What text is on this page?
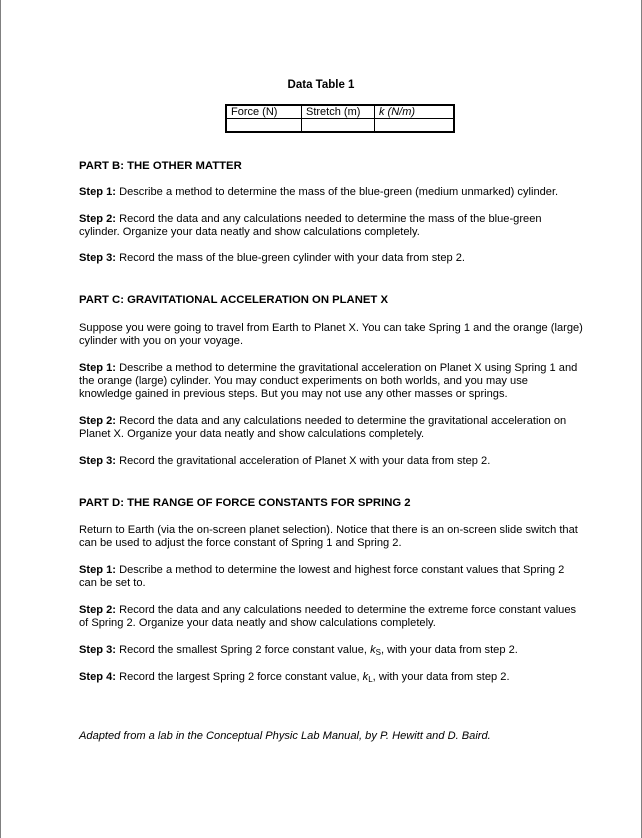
Data Table 1
Force (N)	Stretch (m)	k (N/m)

PART B: THE OTHER MATTER

Step 1: Describe a method to determine the mass of the blue-green (medium unmarked) cylinder.

Step 2: Record the data and any calculations needed to determine the mass of the blue-green cylinder. Organize your data neatly and show calculations completely.

Step 3: Record the mass of the blue-green cylinder with your data from step 2.

PART C: GRAVITATIONAL ACCELERATION ON PLANET X

Suppose you were going to travel from Earth to Planet X. You can take Spring 1 and the orange (large) cylinder with you on your voyage.

Step 1: Describe a method to determine the gravitational acceleration on Planet X using Spring 1 and the orange (large) cylinder. You may conduct experiments on both worlds, and you may use knowledge gained in previous steps. But you may not use any other masses or springs.

Step 2: Record the data and any calculations needed to determine the gravitational acceleration on Planet X. Organize your data neatly and show calculations completely.

Step 3: Record the gravitational acceleration of Planet X with your data from step 2.

PART D: THE RANGE OF FORCE CONSTANTS FOR SPRING 2

Return to Earth (via the on-screen planet selection). Notice that there is an on-screen slide switch that can be used to adjust the force constant of Spring 1 and Spring 2.

Step 1: Describe a method to determine the lowest and highest force constant values that Spring 2 can be set to.

Step 2: Record the data and any calculations needed to determine the extreme force constant values of Spring 2. Organize your data neatly and show calculations completely.

Step 3: Record the smallest Spring 2 force constant value, $k_S$, with your data from step 2.

Step 4: Record the largest Spring 2 force constant value, $k_L$, with your data from step 2.

Adapted from a lab in the Conceptual Physic Lab Manual, by P. Hewitt and D. Baird.
